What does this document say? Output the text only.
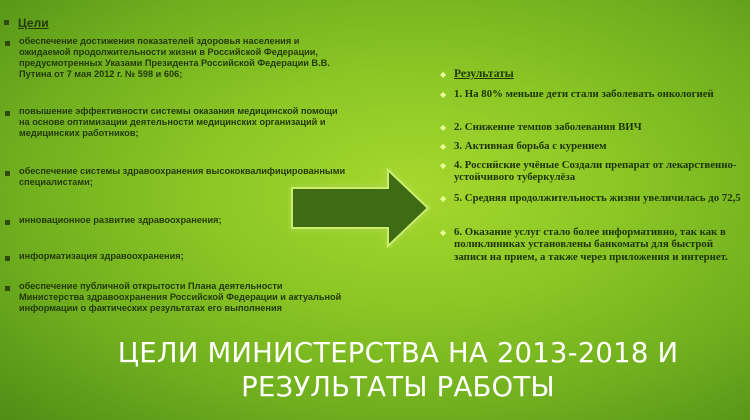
Цели
обеспечение достижения показателей здоровья населения и ожидаемой продолжительности жизни в Российской Федерации, предусмотренных Указами Президента Российской Федерации В.В. Путина от 7 мая 2012 г. № 598 и 606;
повышение эффективности системы оказания медицинской помощи на основе оптимизации деятельности медицинских организаций и медицинских работников;
обеспечение системы здравоохранения высококвалифицированными специалистами;
инновационное развитие здравоохранения;
информатизация здравоохранения;
обеспечение публичной открытости Плана деятельности Министерства здравоохранения Российской Федерации и актуальной информации о фактических результатах его выполнения
◆ Результаты
◆ 1. На 80% меньше дети стали заболевать онкологией
◆ 2. Снижение темпов заболевания ВИЧ
◆ 3. Активная борьба с курением
◆ 4. Российские учёные Создали препарат от лекарственно- устойчивого туберкулёза
◆ 5. Средняя продолжительность жизни увеличилась до 72,5
◆ 6. Оказание услуг стало более информативно, так как в поликлиниках установлены банкоматы для быстрой записи на прием, а также через приложения и интернет.
ЦЕЛИ МИНИСТЕРСТВА НА 2013-2018 И
РЕЗУЛЬТАТЫ РАБОТЫ
